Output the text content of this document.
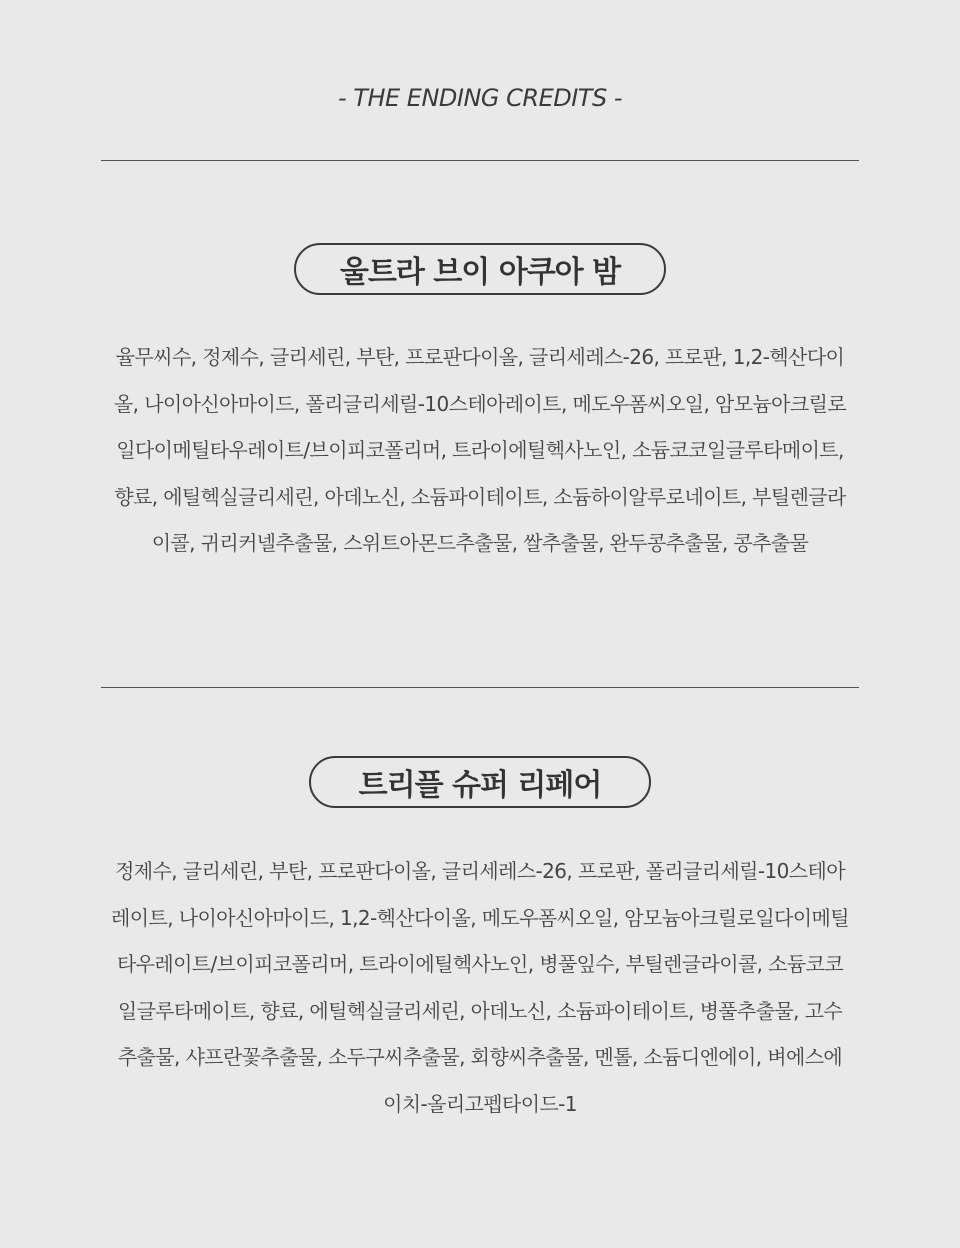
- THE ENDING CREDITS -
울트라 브이 아쿠아 밤
율무씨수, 정제수, 글리세린, 부탄, 프로판다이올, 글리세레스-26, 프로판, 1,2-헥산다이올, 나이아신아마이드, 폴리글리세릴-10스테아레이트, 메도우폼씨오일, 암모늄아크릴로일다이메틸타우레이트/브이피코폴리머, 트라이에틸헥사노인, 소듐코코일글루타메이트, 향료, 에틸헥실글리세린, 아데노신, 소듐파이테이트, 소듐하이알루로네이트, 부틸렌글라이콜, 귀리커넬추출물, 스위트아몬드추출물, 쌀추출물, 완두콩추출물, 콩추출물
트리플 슈퍼 리페어
정제수, 글리세린, 부탄, 프로판다이올, 글리세레스-26, 프로판, 폴리글리세릴-10스테아레이트, 나이아신아마이드, 1,2-헥산다이올, 메도우폼씨오일, 암모늄아크릴로일다이메틸타우레이트/브이피코폴리머, 트라이에틸헥사노인, 병풀잎수, 부틸렌글라이콜, 소듐코코일글루타메이트, 향료, 에틸헥실글리세린, 아데노신, 소듐파이테이트, 병풀추출물, 고수추출물, 샤프란꽃추출물, 소두구씨추출물, 회향씨추출물, 멘톨, 소듐디엔에이, 벼에스에이치-올리고펩타이드-1
